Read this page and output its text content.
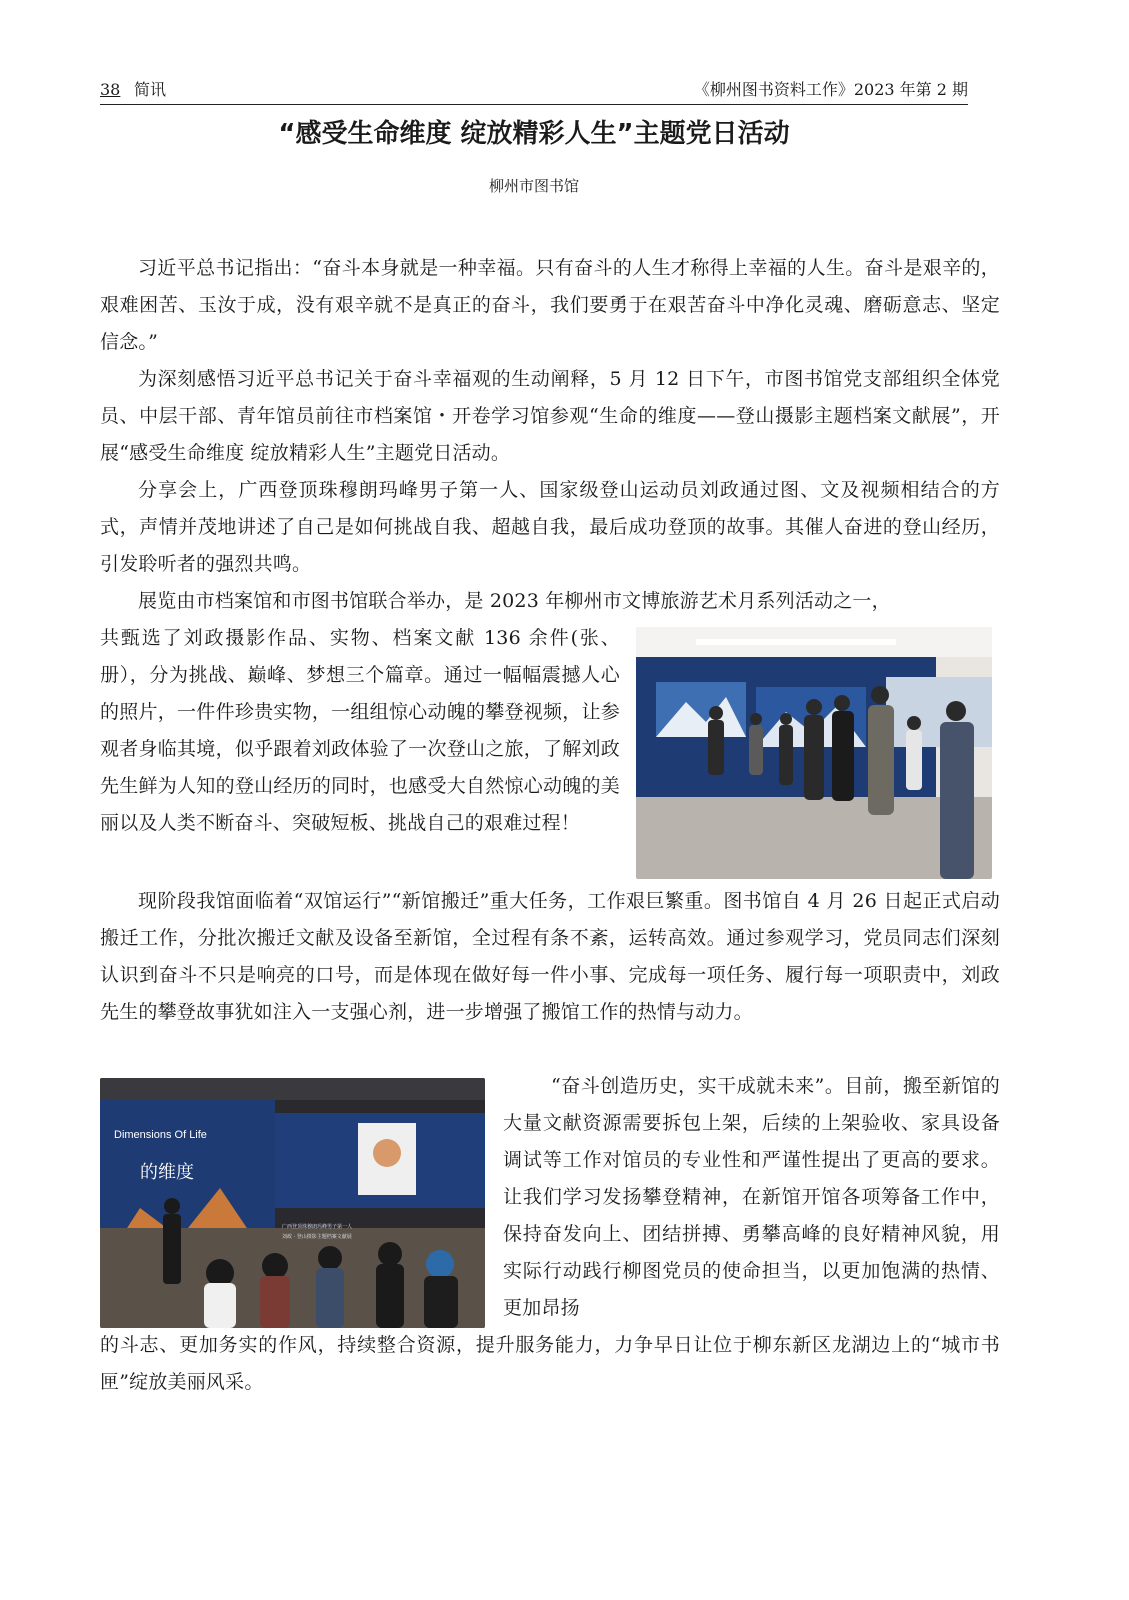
38 简讯	《柳州图书资料工作》2023 年第 2 期
“感受生命维度 绽放精彩人生”主题党日活动
柳州市图书馆

习近平总书记指出：“奋斗本身就是一种幸福。只有奋斗的人生才称得上幸福的人生。奋斗是艰辛的，艰难困苦、玉汝于成，没有艰辛就不是真正的奋斗，我们要勇于在艰苦奋斗中净化灵魂、磨砺意志、坚定信念。”

为深刻感悟习近平总书记关于奋斗幸福观的生动阐释，5 月 12 日下午，市图书馆党支部组织全体党员、中层干部、青年馆员前往市档案馆・开卷学习馆参观“生命的维度——登山摄影主题档案文献展”，开展“感受生命维度 绽放精彩人生”主题党日活动。

分享会上，广西登顶珠穆朗玛峰男子第一人、国家级登山运动员刘政通过图、文及视频相结合的方式，声情并茂地讲述了自己是如何挑战自我、超越自我，最后成功登顶的故事。其催人奋进的登山经历，引发聆听者的强烈共鸣。

展览由市档案馆和市图书馆联合举办，是 2023 年柳州市文博旅游艺术月系列活动之一，

共甄选了刘政摄影作品、实物、档案文献 136 余件(张、册），分为挑战、巅峰、梦想三个篇章。通过一幅幅震撼人心的照片，一件件珍贵实物，一组组惊心动魄的攀登视频，让参观者身临其境，似乎跟着刘政体验了一次登山之旅，了解刘政先生鲜为人知的登山经历的同时，也感受大自然惊心动魄的美丽以及人类不断奋斗、突破短板、挑战自己的艰难过程！

现阶段我馆面临着“双馆运行”“新馆搬迁”重大任务，工作艰巨繁重。图书馆自 4 月 26 日起正式启动搬迁工作，分批次搬迁文献及设备至新馆，全过程有条不紊，运转高效。通过参观学习，党员同志们深刻认识到奋斗不只是响亮的口号，而是体现在做好每一件小事、完成每一项任务、履行每一项职责中，刘政先生的攀登故事犹如注入一支强心剂，进一步增强了搬馆工作的热情与动力。

“奋斗创造历史，实干成就未来”。目前，搬至新馆的大量文献资源需要拆包上架，后续的上架验收、家具设备调试等工作对馆员的专业性和严谨性提出了更高的要求。让我们学习发扬攀登精神，在新馆开馆各项筹备工作中，保持奋发向上、团结拼搏、勇攀高峰的良好精神风貌，用实际行动践行柳图党员的使命担当，以更加饱满的热情、更加昂扬

的斗志、更加务实的作风，持续整合资源，提升服务能力，力争早日让位于柳东新区龙湖边上的“城市书匣”绽放美丽风采。

Dimensions Of Life
的维度
广西登顶珠穆朗玛峰男子第一人
刘政 · 登山摄影主题档案文献展
